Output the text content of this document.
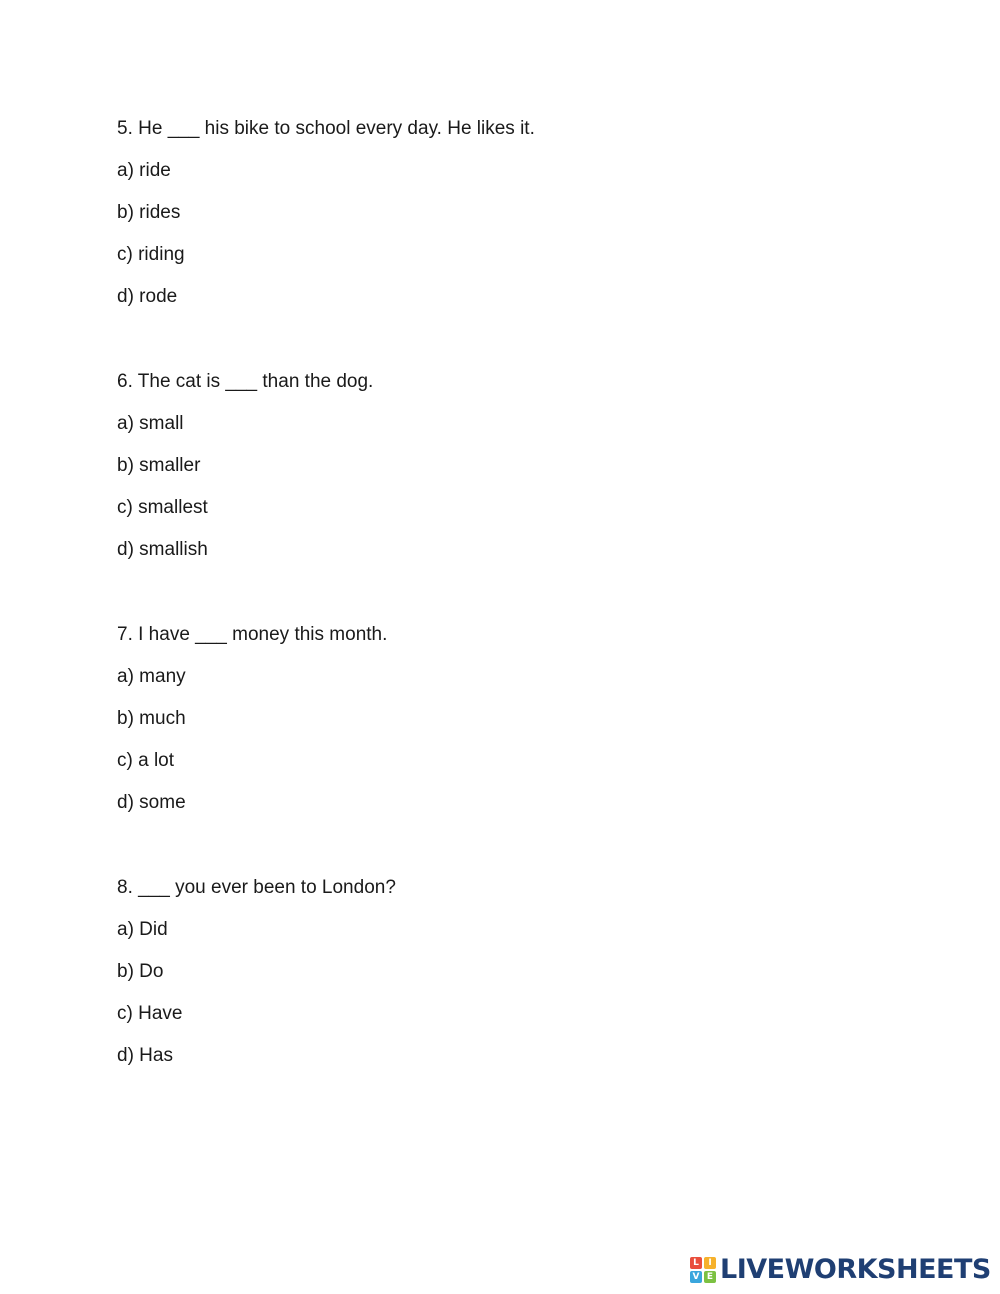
5. He ___ his bike to school every day. He likes it.
a) ride
b) rides
c) riding
d) rode
6. The cat is ___ than the dog.
a) small
b) smaller
c) smallest
d) smallish
7. I have ___ money this month.
a) many
b) much
c) a lot
d) some
8. ___ you ever been to London?
a) Did
b) Do
c) Have
d) Has
L	I
V E LIVEWORKSHEETS
